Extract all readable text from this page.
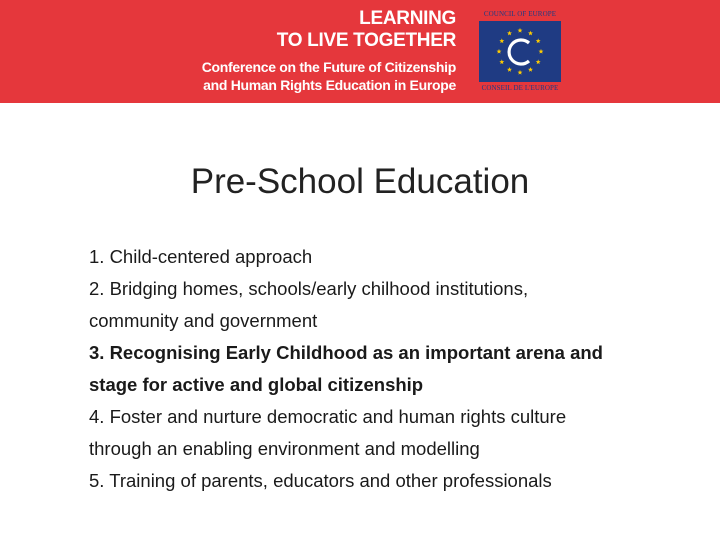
LEARNING
TO LIVE TOGETHER
Conference on the Future of Citizenship
and Human Rights Education in Europe
COUNCIL OF EUROPE
CONSEIL DE L'EUROPE
Pre-School Education
1. Child-centered approach
2. Bridging homes, schools/early chilhood institutions,
community and government
3. Recognising Early Childhood as an important arena and
stage for active and global citizenship
4. Foster and nurture democratic and human rights culture
through an enabling environment and modelling
5. Training of parents, educators and other professionals
